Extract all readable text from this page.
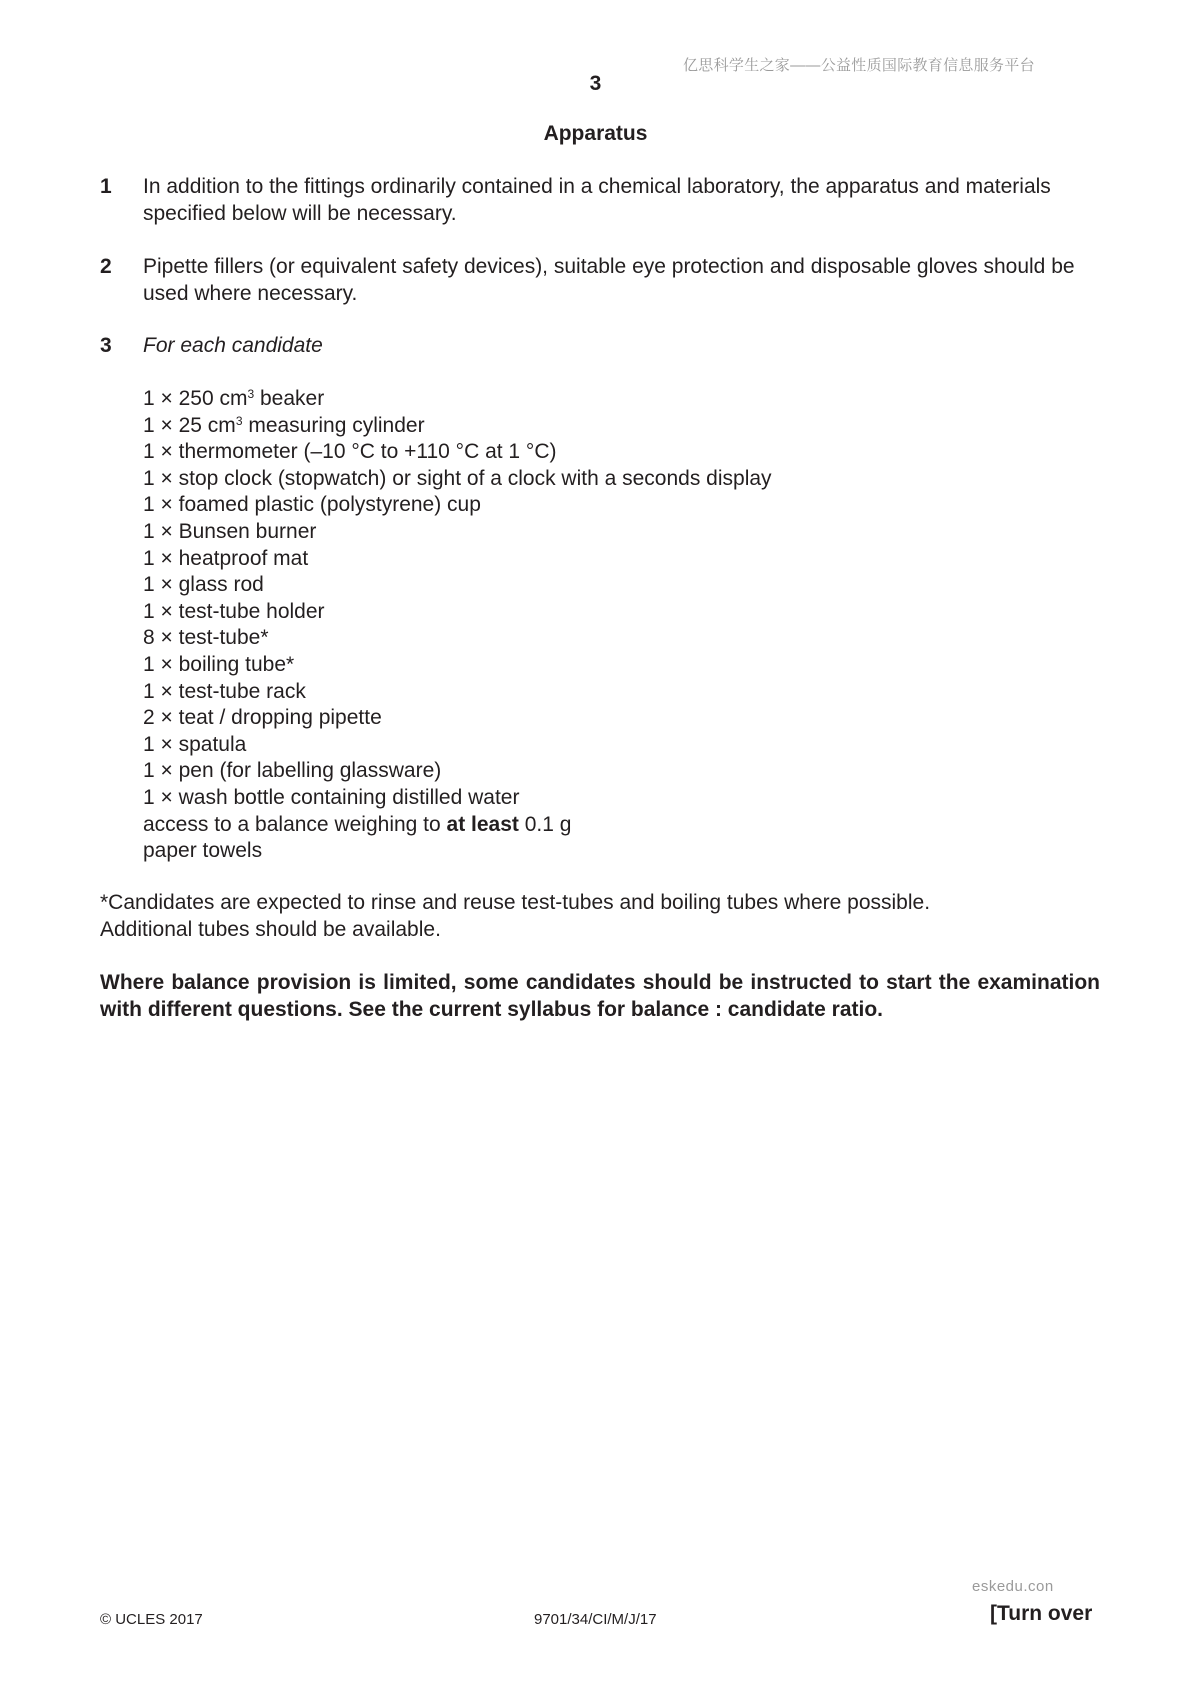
亿思科学生之家——公益性质国际教育信息服务平台
3
Apparatus
1 In addition to the fittings ordinarily contained in a chemical laboratory, the apparatus and materials specified below will be necessary.
2 Pipette fillers (or equivalent safety devices), suitable eye protection and disposable gloves should be used where necessary.
3 For each candidate
1 × 250 $cm^3$ beaker
1 × 25 $cm^3$ measuring cylinder
1 × thermometer (–10 °C to +110 °C at 1 °C)
1 × stop clock (stopwatch) or sight of a clock with a seconds display
1 × foamed plastic (polystyrene) cup
1 × Bunsen burner
1 × heatproof mat
1 × glass rod
1 × test-tube holder
8 × test-tube*
1 × boiling tube*
1 × test-tube rack
2 × teat / dropping pipette
1 × spatula
1 × pen (for labelling glassware)
1 × wash bottle containing distilled water
access to a balance weighing to at least 0.1 g
paper towels
*Candidates are expected to rinse and reuse test-tubes and boiling tubes where possible.
Additional tubes should be available.
Where balance provision is limited, some candidates should be instructed to start the examination with different questions. See the current syllabus for balance : candidate ratio.
eskedu.con
© UCLES 2017	9701/34/CI/M/J/17	[Turn over
